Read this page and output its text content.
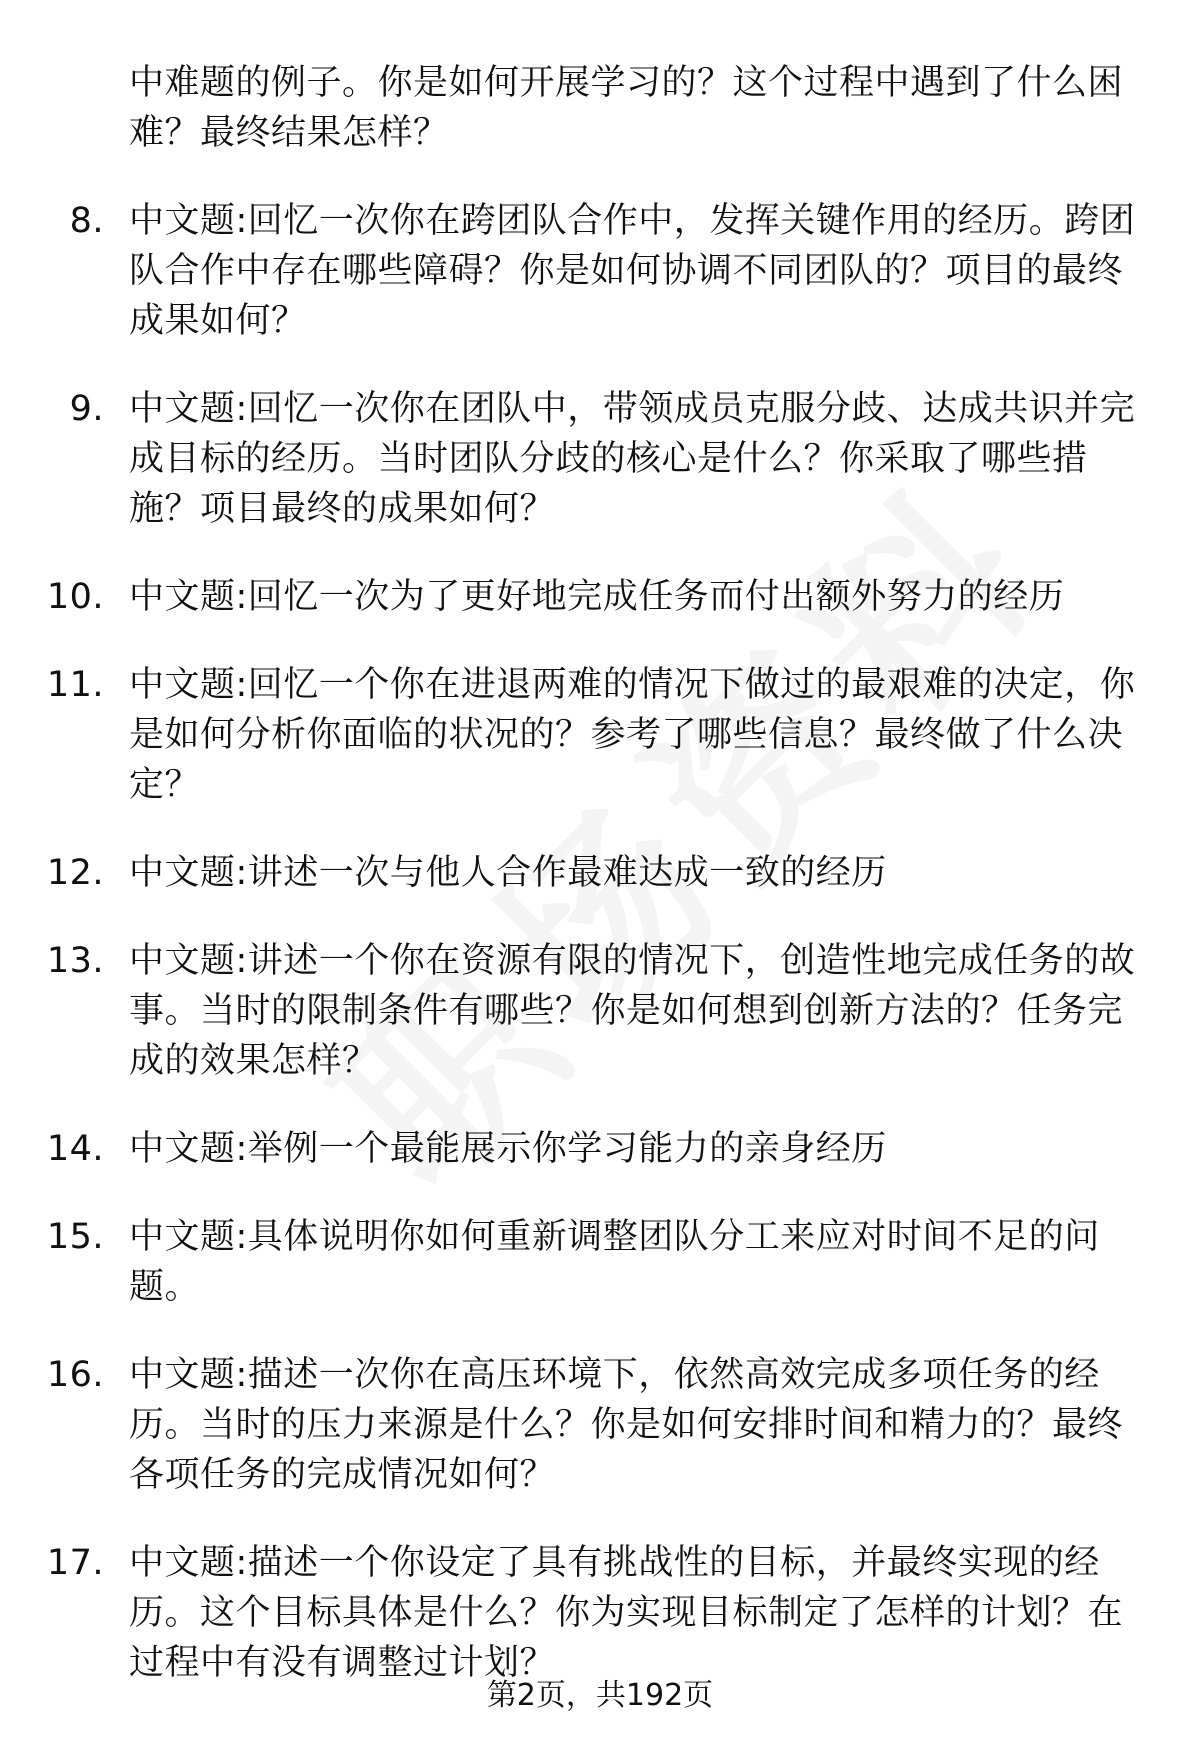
中难题的例子。你是如何开展学习的？这个过程中遇到了什么困难？最终结果怎样？

8. 中文题:回忆一次你在跨团队合作中，发挥关键作用的经历。跨团队合作中存在哪些障碍？你是如何协调不同团队的？项目的最终成果如何？
9. 中文题:回忆一次你在团队中，带领成员克服分歧、达成共识并完成目标的经历。当时团队分歧的核心是什么？你采取了哪些措施？项目最终的成果如何？
10. 中文题:回忆一次为了更好地完成任务而付出额外努力的经历
11. 中文题:回忆一个你在进退两难的情况下做过的最艰难的决定，你是如何分析你面临的状况的？参考了哪些信息？最终做了什么决定？
12. 中文题:讲述一次与他人合作最难达成一致的经历
13. 中文题:讲述一个你在资源有限的情况下，创造性地完成任务的故事。当时的限制条件有哪些？你是如何想到创新方法的？任务完成的效果怎样？
14. 中文题:举例一个最能展示你学习能力的亲身经历
15. 中文题:具体说明你如何重新调整团队分工来应对时间不足的问题。
16. 中文题:描述一次你在高压环境下，依然高效完成多项任务的经历。当时的压力来源是什么？你是如何安排时间和精力的？最终各项任务的完成情况如何？
17. 中文题:描述一个你设定了具有挑战性的目标，并最终实现的经历。这个目标具体是什么？你为实现目标制定了怎样的计划？在过程中有没有调整过计划？
第2页，共192页
